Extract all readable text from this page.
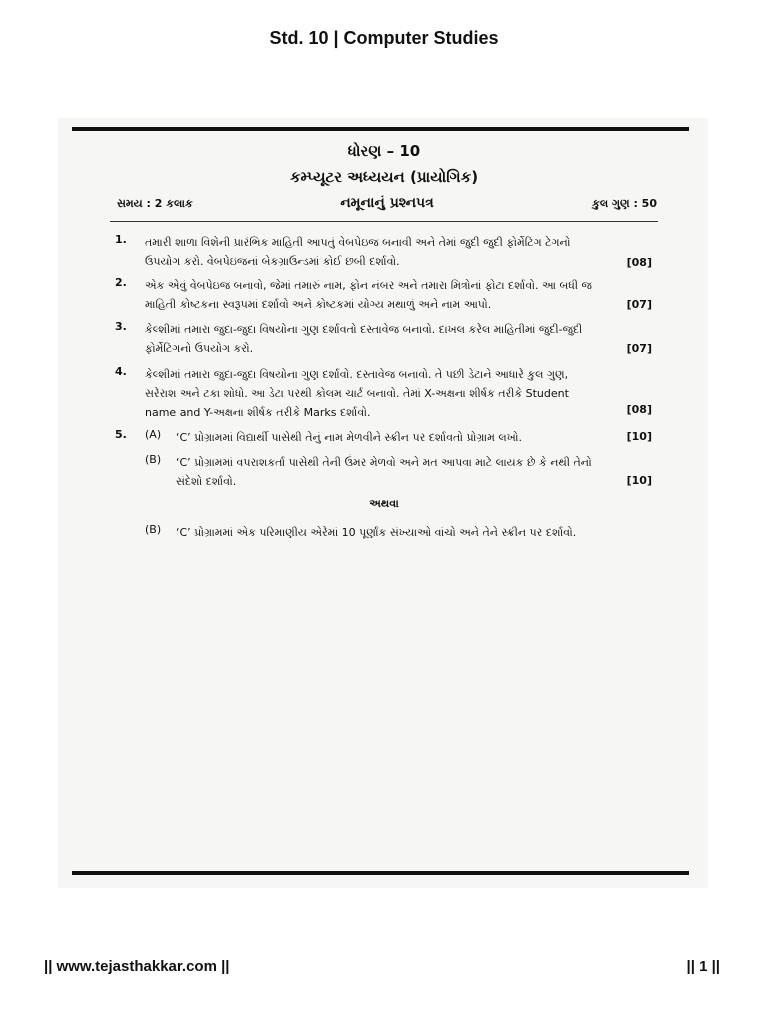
Std. 10 | Computer Studies
ધોરણ – 10
કમ્પ્યૂટર અધ્યયન (પ્રાયોગિક)
સમય : 2 કલાક	નમૂનાનું પ્રશ્નપત્ર	કુલ ગુણ : 50
1. તમારી શાળા વિશેની પ્રારંભિક માહિતી આપતું વેબપેઇજ બનાવી અને તેમાં જુદી જુદી ફોર્મેટિંગ ટેગનો ઉપયોગ કરો. વેબપેઇજનાં બેકગ્રાઉન્ડમાં કોઈ છબી દર્શાવો.	[08]
2. એક એવું વેબપેઇજ બનાવો, જેમાં તમારું નામ, ફોન નંબર અને તમારા મિત્રોનાં ફોટા દર્શાવો. આ બધી જ માહિતી કોષ્ટકના સ્વરૂપમાં દર્શાવો અને કોષ્ટકમાં યોગ્ય મથાળું અને નામ આપો.	[07]
3. કેલ્શીમાં તમારા જુદા-જુદા વિષયોના ગુણ દર્શાવતો દસ્તાવેજ બનાવો. દાખલ કરેલ માહિતીમાં જુદી-જુદી ફોર્મેટિંગનો ઉપયોગ કરો.	[07]
4. કેલ્શીમાં તમારા જુદા-જુદા વિષયોના ગુણ દર્શાવો. દસ્તાવેજ બનાવો. તે પછી ડેટાને આધારે કુલ ગુણ, સરેરાશ અને ટકા શોધો. આ ડેટા પરથી કોલમ ચાર્ટ બનાવો. તેમાં X-અક્ષના શીર્ષક તરીકે Student name and Y-અક્ષના શીર્ષક તરીકે Marks દર્શાવો.	[08]
5. (A) ‘C’ પ્રોગ્રામમાં વિદ્યાર્થી પાસેથી તેનું નામ મેળવીને સ્ક્રીન પર દર્શાવતો પ્રોગ્રામ લખો.	[10]
(B) ‘C’ પ્રોગ્રામમાં વપરાશકર્તા પાસેથી તેની ઉંમર મેળવો અને મત આપવા માટે લાયક છે કે નથી તેનો સંદેશો દર્શાવો.	[10]
અથવા
(B) ‘C’ પ્રોગ્રામમાં એક પરિમાણીય એરેમાં 10 પૂર્ણાંક સંખ્યાઓ વાંચો અને તેને સ્ક્રીન પર દર્શાવો.
|| www.tejasthakkar.com ||	|| 1 ||
